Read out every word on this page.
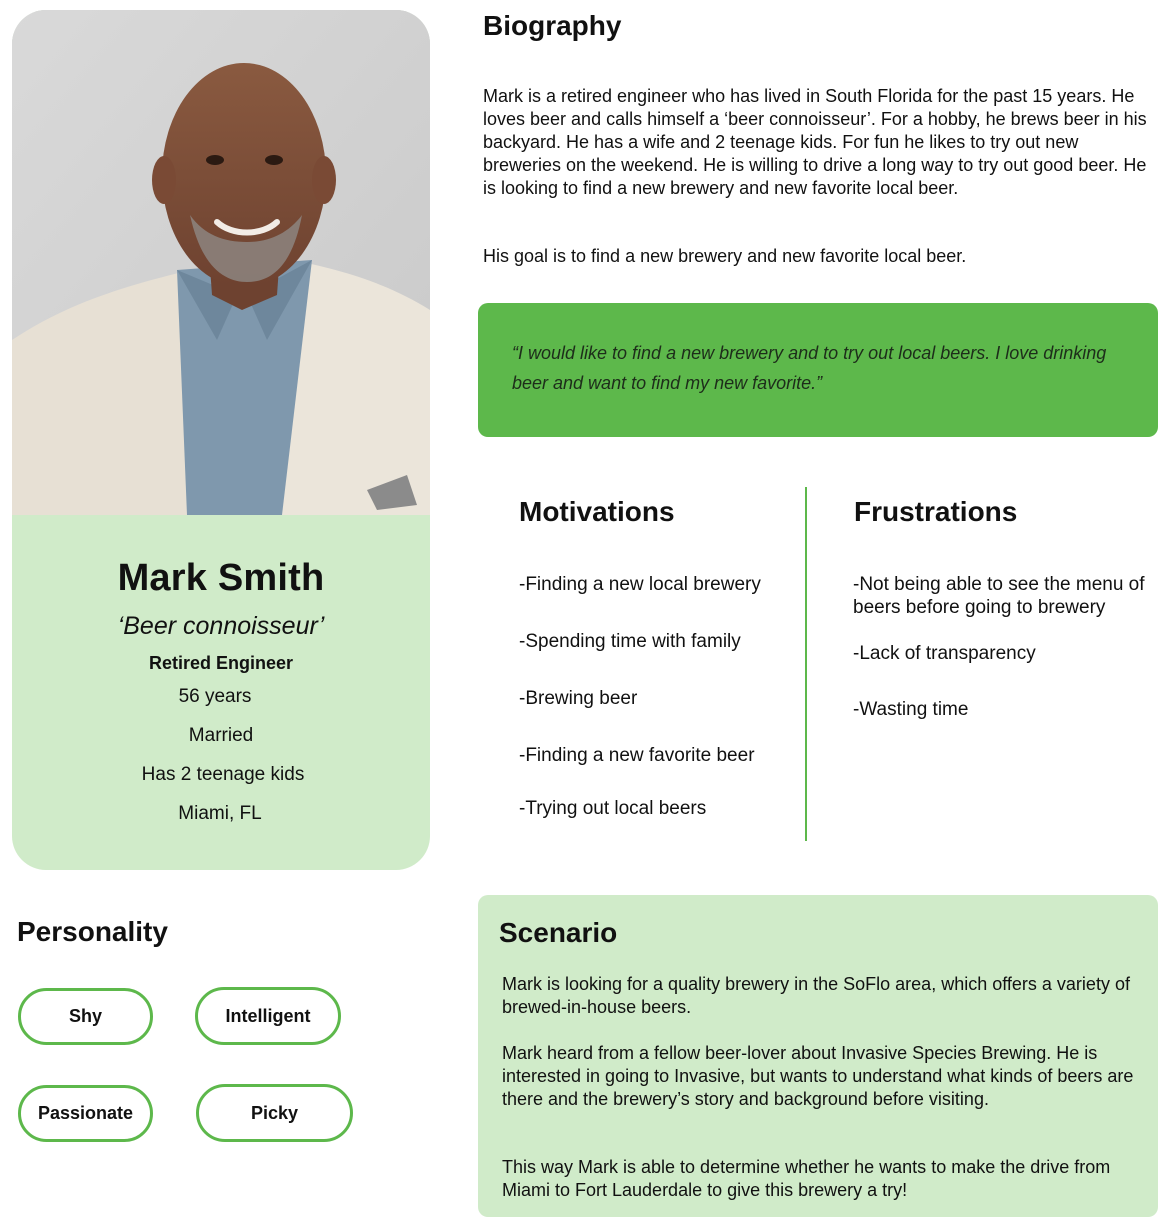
Mark Smith
‘Beer connoisseur’
Retired Engineer
56 years
Married
Has 2 teenage kids
Miami, FL
Biography
Mark is a retired engineer who has lived in South Florida for the past 15 years. He loves beer and calls himself a ‘beer connoisseur’. For a hobby, he brews beer in his backyard. He has a wife and 2 teenage kids. For fun he likes to try out new breweries on the weekend. He is willing to drive a long way to try out good beer. He is looking to find a new brewery and new favorite local beer.
His goal is to find a new brewery and new favorite local beer.
“I would like to find a new brewery and to try out local beers. I love drinking beer and want to find my new favorite.”
Motivations
-Finding a new local brewery
-Spending time with family
-Brewing beer
-Finding a new favorite beer
-Trying out local beers
Frustrations
-Not being able to see the menu of beers before going to brewery
-Lack of transparency
-Wasting time
Personality
Shy	Intelligent
Passionate	Picky
Scenario
Mark is looking for a quality brewery in the SoFlo area, which offers a variety of brewed-in-house beers.
Mark heard from a fellow beer-lover about Invasive Species Brewing. He is interested in going to Invasive, but wants to understand what kinds of beers are there and the brewery’s story and background before visiting.
This way Mark is able to determine whether he wants to make the drive from Miami to Fort Lauderdale to give this brewery a try!
